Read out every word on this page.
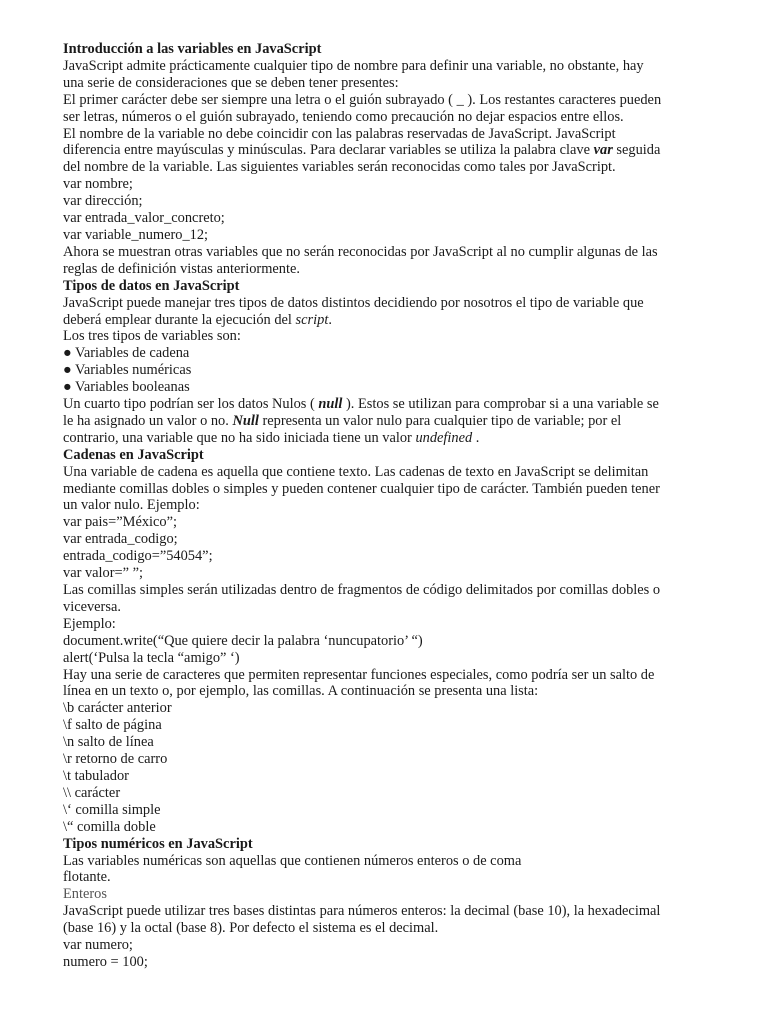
Introducción a las variables en JavaScript
JavaScript admite prácticamente cualquier tipo de nombre para definir una variable, no obstante, hay
una serie de consideraciones que se deben tener presentes:
El primer carácter debe ser siempre una letra o el guión subrayado ( _ ). Los restantes caracteres pueden
ser letras, números o el guión subrayado, teniendo como precaución no dejar espacios entre ellos.
El nombre de la variable no debe coincidir con las palabras reservadas de JavaScript. JavaScript
diferencia entre mayúsculas y minúsculas. Para declarar variables se utiliza la palabra clave var seguida
del nombre de la variable. Las siguientes variables serán reconocidas como tales por JavaScript.
var nombre;
var dirección;
var entrada_valor_concreto;
var variable_numero_12;
Ahora se muestran otras variables que no serán reconocidas por JavaScript al no cumplir algunas de las
reglas de definición vistas anteriormente.
Tipos de datos en JavaScript
JavaScript puede manejar tres tipos de datos distintos decidiendo por nosotros el tipo de variable que
deberá emplear durante la ejecución del script.
Los tres tipos de variables son:
● Variables de cadena
● Variables numéricas
● Variables booleanas
Un cuarto tipo podrían ser los datos Nulos ( null ). Estos se utilizan para comprobar si a una variable se
le ha asignado un valor o no. Null representa un valor nulo para cualquier tipo de variable; por el
contrario, una variable que no ha sido iniciada tiene un valor undefined .
Cadenas en JavaScript
Una variable de cadena es aquella que contiene texto. Las cadenas de texto en JavaScript se delimitan
mediante comillas dobles o simples y pueden contener cualquier tipo de carácter. También pueden tener
un valor nulo. Ejemplo:
var pais=”México”;
var entrada_codigo;
entrada_codigo=”54054”;
var valor=” ”;
Las comillas simples serán utilizadas dentro de fragmentos de código delimitados por comillas dobles o
viceversa.
Ejemplo:
document.write(“Que quiere decir la palabra ‘nuncupatorio’ “)
alert(‘Pulsa la tecla “amigo” ‘)
Hay una serie de caracteres que permiten representar funciones especiales, como podría ser un salto de
línea en un texto o, por ejemplo, las comillas. A continuación se presenta una lista:
\b carácter anterior
\f salto de página
\n salto de línea
\r retorno de carro
\t tabulador
\\ carácter
\‘ comilla simple
\“ comilla doble
Tipos numéricos en JavaScript
Las variables numéricas son aquellas que contienen números enteros o de coma
flotante.
Enteros
JavaScript puede utilizar tres bases distintas para números enteros: la decimal (base 10), la hexadecimal
(base 16) y la octal (base 8). Por defecto el sistema es el decimal.
var numero;
numero = 100;
